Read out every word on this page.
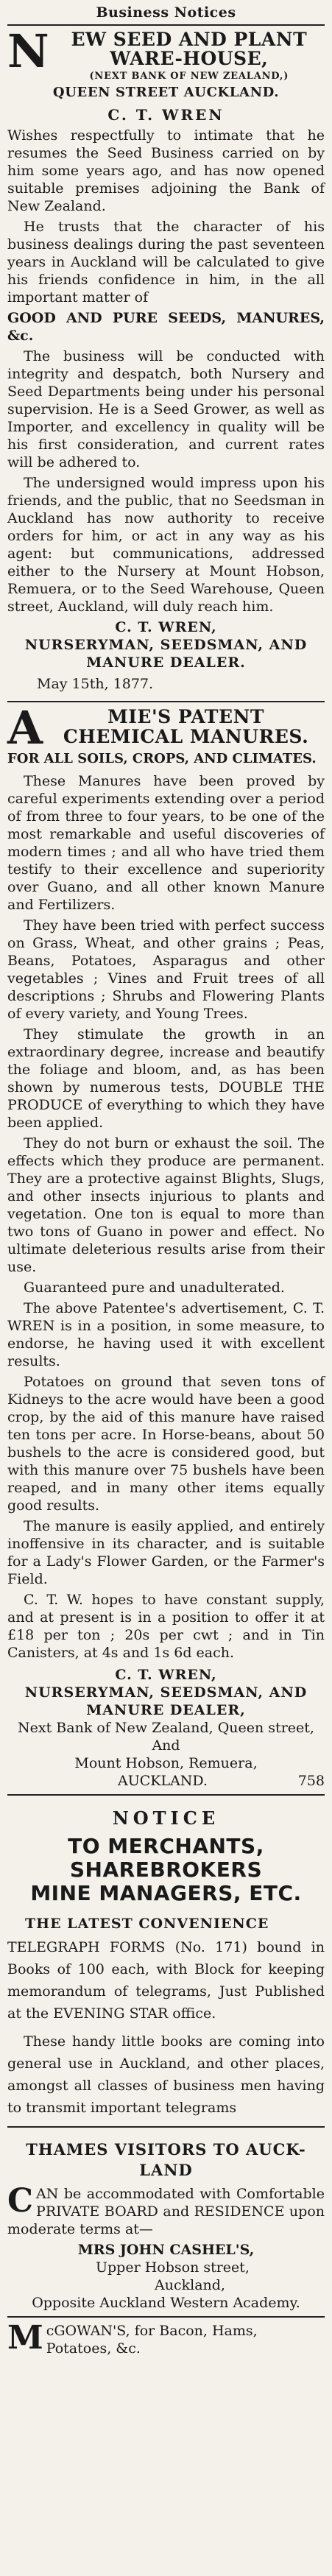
Business Notices
N	EW SEED AND PLANT WARE-HOUSE,
(NEXT BANK OF NEW ZEALAND,)
QUEEN STREET AUCKLAND.
C. T. WREN

Wishes respectfully to intimate that he resumes the Seed Business carried on by him some years ago, and has now opened suitable premises adjoining the Bank of New Zealand.

He trusts that the character of his business dealings during the past seventeen years in Auckland will be calculated to give his friends confidence in him, in the all important matter of

GOOD AND PURE SEEDS, MANURES, &c.

The business will be conducted with integrity and despatch, both Nursery and Seed Departments being under his personal supervision. He is a Seed Grower, as well as Importer, and excellency in quality will be his first consideration, and current rates will be adhered to.

The undersigned would impress upon his friends, and the public, that no Seedsman in Auckland has now authority to receive orders for him, or act in any way as his agent: but communications, addressed either to the Nursery at Mount Hobson, Remuera, or to the Seed Warehouse, Queen street, Auckland, will duly reach him.

C. T. WREN,
NURSERYMAN, SEEDSMAN, AND
MANURE DEALER.
May 15th, 1877.
A	MIE'S PATENT CHEMICAL MANURES.
FOR ALL SOILS, CROPS, AND CLIMATES.

These Manures have been proved by careful experiments extending over a period of from three to four years, to be one of the most remarkable and useful discoveries of modern times ; and all who have tried them testify to their excellence and superiority over Guano, and all other known Manure and Fertilizers.

They have been tried with perfect success on Grass, Wheat, and other grains ; Peas, Beans, Potatoes, Asparagus and other vegetables ; Vines and Fruit trees of all descriptions ; Shrubs and Flowering Plants of every variety, and Young Trees.

They stimulate the growth in an extraordinary degree, increase and beautify the foliage and bloom, and, as has been shown by numerous tests, DOUBLE THE PRODUCE of everything to which they have been applied.

They do not burn or exhaust the soil. The effects which they produce are permanent. They are a protective against Blights, Slugs, and other insects injurious to plants and vegetation. One ton is equal to more than two tons of Guano in power and effect. No ultimate deleterious results arise from their use.

Guaranteed pure and unadulterated.

The above Patentee's advertisement, C. T. WREN is in a position, in some measure, to endorse, he having used it with excellent results.

Potatoes on ground that seven tons of Kidneys to the acre would have been a good crop, by the aid of this manure have raised ten tons per acre. In Horse-beans, about 50 bushels to the acre is considered good, but with this manure over 75 bushels have been reaped, and in many other items equally good results.

The manure is easily applied, and entirely inoffensive in its character, and is suitable for a Lady's Flower Garden, or the Farmer's Field.

C. T. W. hopes to have constant supply, and at present is in a position to offer it at £18 per ton ; 20s per cwt ; and in Tin Canisters, at 4s and 1s 6d each.

C. T. WREN,
NURSERYMAN, SEEDSMAN, AND
MANURE DEALER,
Next Bank of New Zealand, Queen street,
And
Mount Hobson, Remuera,
AUCKLAND.	758
NOTICE
TO MERCHANTS, SHAREBROKERS
MINE MANAGERS, ETC.
THE LATEST CONVENIENCE

TELEGRAPH FORMS (No. 171) bound in Books of 100 each, with Block for keeping memorandum of telegrams, Just Published at the EVENING STAR office.

These handy little books are coming into general use in Auckland, and other places, amongst all classes of business men having to transmit important telegrams

THAMES VISITORS TO AUCK-LAND
C AN be accommodated with Comfortable PRIVATE BOARD and RESIDENCE upon moderate terms at—

MRS JOHN CASHEL'S,
Upper Hobson street,
Auckland,
Opposite Auckland Western Academy.
M cGOWAN'S, for Bacon, Hams, Potatoes, &c.
